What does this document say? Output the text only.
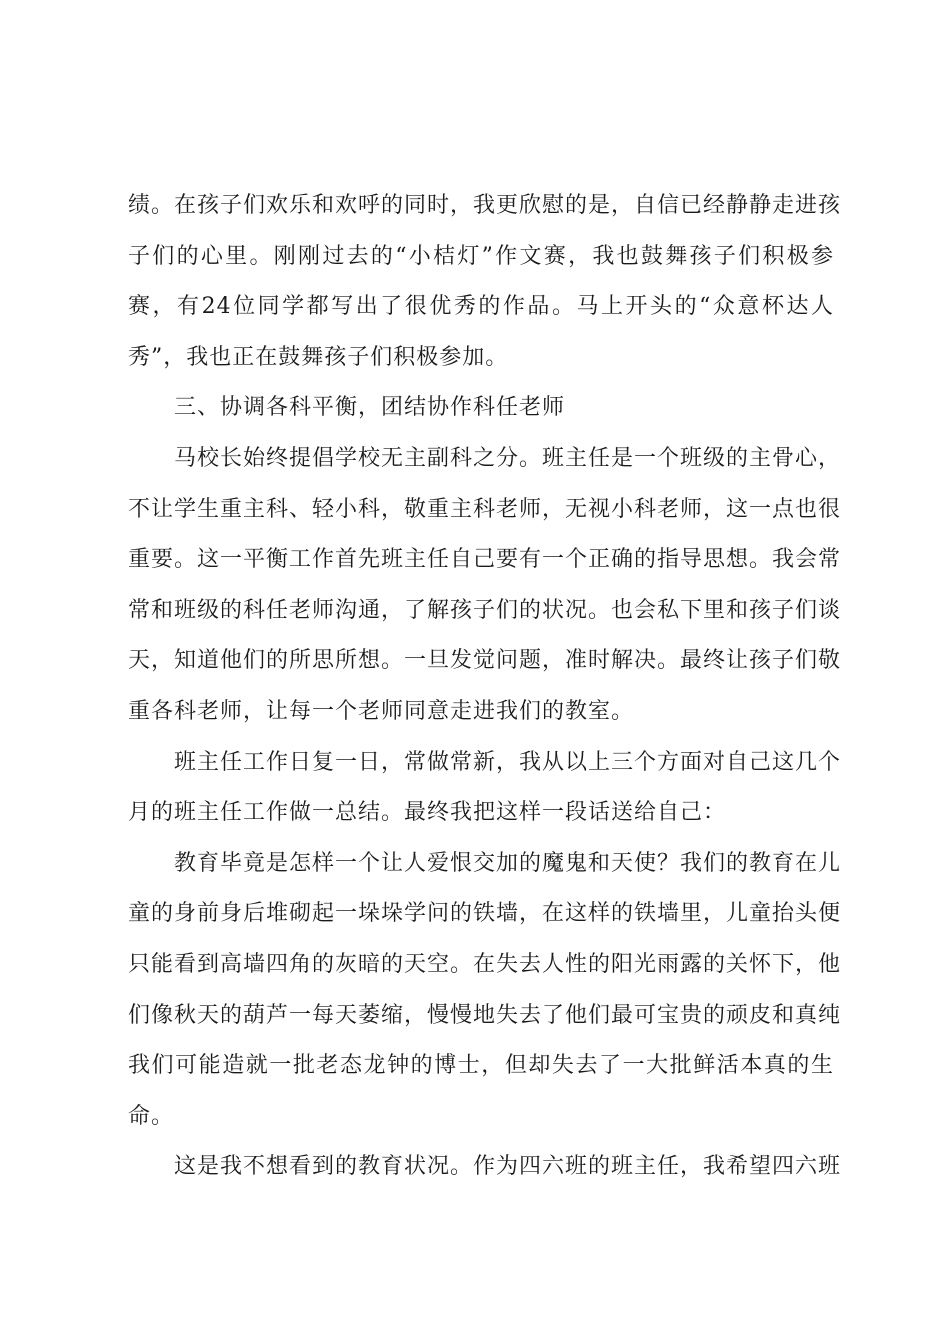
绩。在孩子们欢乐和欢呼的同时，我更欣慰的是，自信已经静静走进孩

子们的心里。刚刚过去的“小桔灯”作文赛，我也鼓舞孩子们积极参

赛，有24位同学都写出了很优秀的作品。马上开头的“众意杯达人

秀”，我也正在鼓舞孩子们积极参加。

三、协调各科平衡，团结协作科任老师

马校长始终提倡学校无主副科之分。班主任是一个班级的主骨心，

不让学生重主科、轻小科，敬重主科老师，无视小科老师，这一点也很

重要。这一平衡工作首先班主任自己要有一个正确的指导思想。我会常

常和班级的科任老师沟通，了解孩子们的状况。也会私下里和孩子们谈

天，知道他们的所思所想。一旦发觉问题，准时解决。最终让孩子们敬

重各科老师，让每一个老师同意走进我们的教室。

班主任工作日复一日，常做常新，我从以上三个方面对自己这几个

月的班主任工作做一总结。最终我把这样一段话送给自己：

教育毕竟是怎样一个让人爱恨交加的魔鬼和天使？我们的教育在儿

童的身前身后堆砌起一垛垛学问的铁墙，在这样的铁墙里，儿童抬头便

只能看到高墙四角的灰暗的天空。在失去人性的阳光雨露的关怀下，他

们像秋天的葫芦一每天萎缩，慢慢地失去了他们最可宝贵的顽皮和真纯

我们可能造就一批老态龙钟的博士，但却失去了一大批鲜活本真的生

命。

这是我不想看到的教育状况。作为四六班的班主任，我希望四六班
